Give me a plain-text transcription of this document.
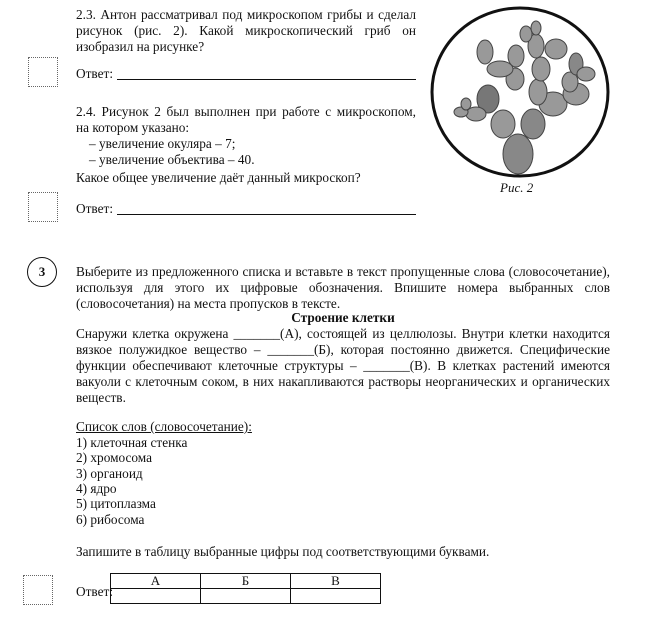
2.3. Антон рассматривал под микроскопом грибы и сделал
рисунок (рис. 2). Какой микроскопический гриб он
изобразил на рисунке?
Ответ:
2.4. Рисунок 2 был выполнен при работе с микроскопом,
на котором указано:
– увеличение окуляра – 7;
– увеличение объектива – 40.
Какое общее увеличение даёт данный микроскоп?
Ответ:
Рис. 2
3	Выберите из предложенного списка и вставьте в текст пропущенные слова (словосочетание),
используя для этого их цифровые обозначения. Впишите номера выбранных слов
(словосочетания) на места пропусков в тексте.
Строение клетки
Снаружи клетка окружена _______(А), состоящей из целлюлозы. Внутри клетки находится
вязкое полужидкое вещество – _______(Б), которая постоянно движется. Специфические
функции обеспечивают клеточные структуры – _______(В). В клетках растений имеются
вакуоли с клеточным соком, в них накапливаются растворы неорганических и органических
веществ.
Список слов (словосочетание):
1) клеточная стенка
2) хромосома
3) органоид
4) ядро
5) цитоплазма
6) рибосома
Запишите в таблицу выбранные цифры под соответствующими буквами.
Ответ:
А	Б	В
